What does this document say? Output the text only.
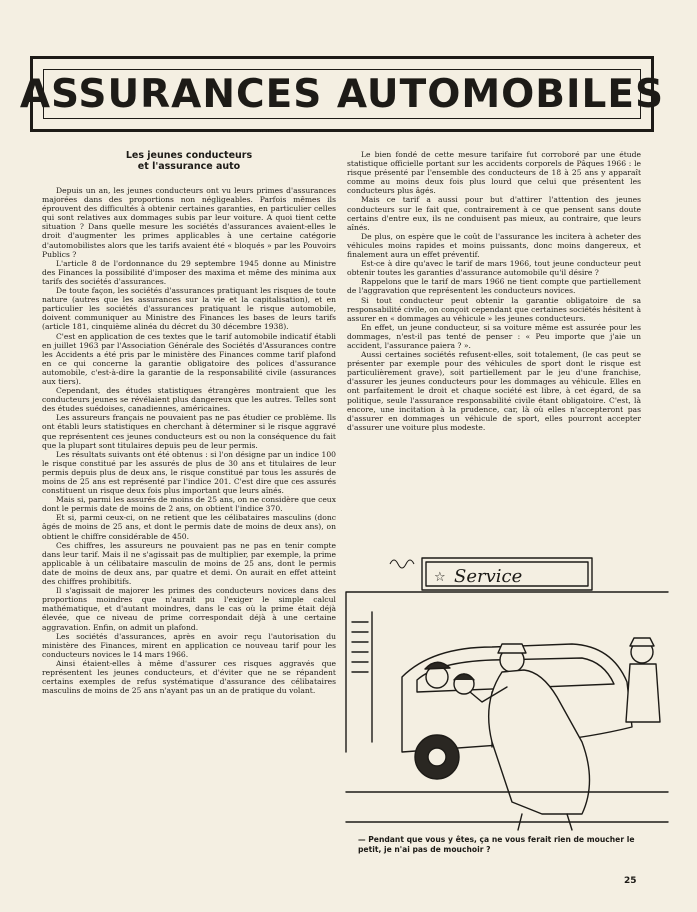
ASSURANCES AUTOMOBILES
Les jeunes conducteurs
et l'assurance auto

Depuis un an, les jeunes conducteurs ont vu leurs primes d'assurances majorées dans des proportions non négligeables. Parfois mêmes ils éprouvent des difficultés à obtenir certaines garanties, en particulier celles qui sont relatives aux dommages subis par leur voiture. A quoi tient cette situation ? Dans quelle mesure les sociétés d'assurances avaient-elles le droit d'augmenter les primes applicables à une certaine catégorie d'automobilistes alors que les tarifs avaient été « bloqués » par les Pouvoirs Publics ?

L'article 8 de l'ordonnance du 29 septembre 1945 donne au Ministre des Finances la possibilité d'imposer des maxima et même des minima aux tarifs des sociétés d'assurances.

De toute façon, les sociétés d'assurances pratiquant les risques de toute nature (autres que les assurances sur la vie et la capitalisation), et en particulier les sociétés d'assurances pratiquant le risque automobile, doivent communiquer au Ministre des Finances les bases de leurs tarifs (article 181, cinquième alinéa du décret du 30 décembre 1938).

C'est en application de ces textes que le tarif automobile indicatif établi en juillet 1963 par l'Association Générale des Sociétés d'Assurances contre les Accidents a été pris par le ministère des Finances comme tarif plafond en ce qui concerne la garantie obligatoire des polices d'assurance automobile, c'est-à-dire la garantie de la responsabilité civile (assurances aux tiers).

Cependant, des études statistiques étrangères montraient que les conducteurs jeunes se révélaient plus dangereux que les autres. Telles sont des études suédoises, canadiennes, américaines.

Les assureurs français ne pouvaient pas ne pas étudier ce problème. Ils ont établi leurs statistiques en cherchant à déterminer si le risque aggravé que représentent ces jeunes conducteurs est ou non la conséquence du fait que la plupart sont titulaires depuis peu de leur permis.

Les résultats suivants ont été obtenus : si l'on désigne par un indice 100 le risque constitué par les assurés de plus de 30 ans et titulaires de leur permis depuis plus de deux ans, le risque constitué par tous les assurés de moins de 25 ans est représenté par l'indice 201. C'est dire que ces assurés constituent un risque deux fois plus important que leurs aînés.

Mais si, parmi les assurés de moins de 25 ans, on ne considère que ceux dont le permis date de moins de 2 ans, on obtient l'indice 370.

Et si, parmi ceux-ci, on ne retient que les célibataires masculins (donc âgés de moins de 25 ans, et dont le permis date de moins de deux ans), on obtient le chiffre considérable de 450.

Ces chiffres, les assureurs ne pouvaient pas ne pas en tenir compte dans leur tarif. Mais il ne s'agissait pas de multiplier, par exemple, la prime applicable à un célibataire masculin de moins de 25 ans, dont le permis date de moins de deux ans, par quatre et demi. On aurait en effet atteint des chiffres prohibitifs.

Il s'agissait de majorer les primes des conducteurs novices dans des proportions moindres que n'aurait pu l'exiger le simple calcul mathématique, et d'autant moindres, dans le cas où la prime était déjà élevée, que ce niveau de prime correspondait déjà à une certaine aggravation. Enfin, on admit un plafond.

Les sociétés d'assurances, après en avoir reçu l'autorisation du ministère des Finances, mirent en application ce nouveau tarif pour les conducteurs novices le 14 mars 1966.

Ainsi étaient-elles à même d'assurer ces risques aggravés que représentent les jeunes conducteurs, et d'éviter que ne se répandent certains exemples de refus systématique d'assurance des célibataires masculins de moins de 25 ans n'ayant pas un an de pratique du volant.

Le bien fondé de cette mesure tarifaire fut corroboré par une étude statistique officielle portant sur les accidents corporels de Pâques 1966 : le risque présenté par l'ensemble des conducteurs de 18 à 25 ans y apparaît comme au moins deux fois plus lourd que celui que présentent les conducteurs plus âgés.

Mais ce tarif a aussi pour but d'attirer l'attention des jeunes conducteurs sur le fait que, contrairement à ce que pensent sans doute certains d'entre eux, ils ne conduisent pas mieux, au contraire, que leurs aînés.

De plus, on espère que le coût de l'assurance les incitera à acheter des véhicules moins rapides et moins puissants, donc moins dangereux, et finalement aura un effet préventif.

Est-ce à dire qu'avec le tarif de mars 1966, tout jeune conducteur peut obtenir toutes les garanties d'assurance automobile qu'il désire ?

Rappelons que le tarif de mars 1966 ne tient compte que partiellement de l'aggravation que représentent les conducteurs novices.

Si tout conducteur peut obtenir la garantie obligatoire de sa responsabilité civile, on conçoit cependant que certaines sociétés hésitent à assurer en « dommages au véhicule » les jeunes conducteurs.

En effet, un jeune conducteur, si sa voiture même est assurée pour les dommages, n'est-il pas tenté de penser : « Peu importe que j'aie un accident, l'assurance paiera ? ».

Aussi certaines sociétés refusent-elles, soit totalement, (le cas peut se présenter par exemple pour des véhicules de sport dont le risque est particulièrement grave), soit partiellement par le jeu d'une franchise, d'assurer les jeunes conducteurs pour les dommages au véhicule. Elles en ont parfaitement le droit et chaque société est libre, à cet égard, de sa politique, seule l'assurance responsabilité civile étant obligatoire. C'est, là encore, une incitation à la prudence, car, là où elles n'accepteront pas d'assurer en dommages un véhicule de sport, elles pourront accepter d'assurer une voiture plus modeste.

☆ Service
— Pendant que vous y êtes, ça ne vous ferait rien de moucher le petit, je n'ai pas de mouchoir ?
25
